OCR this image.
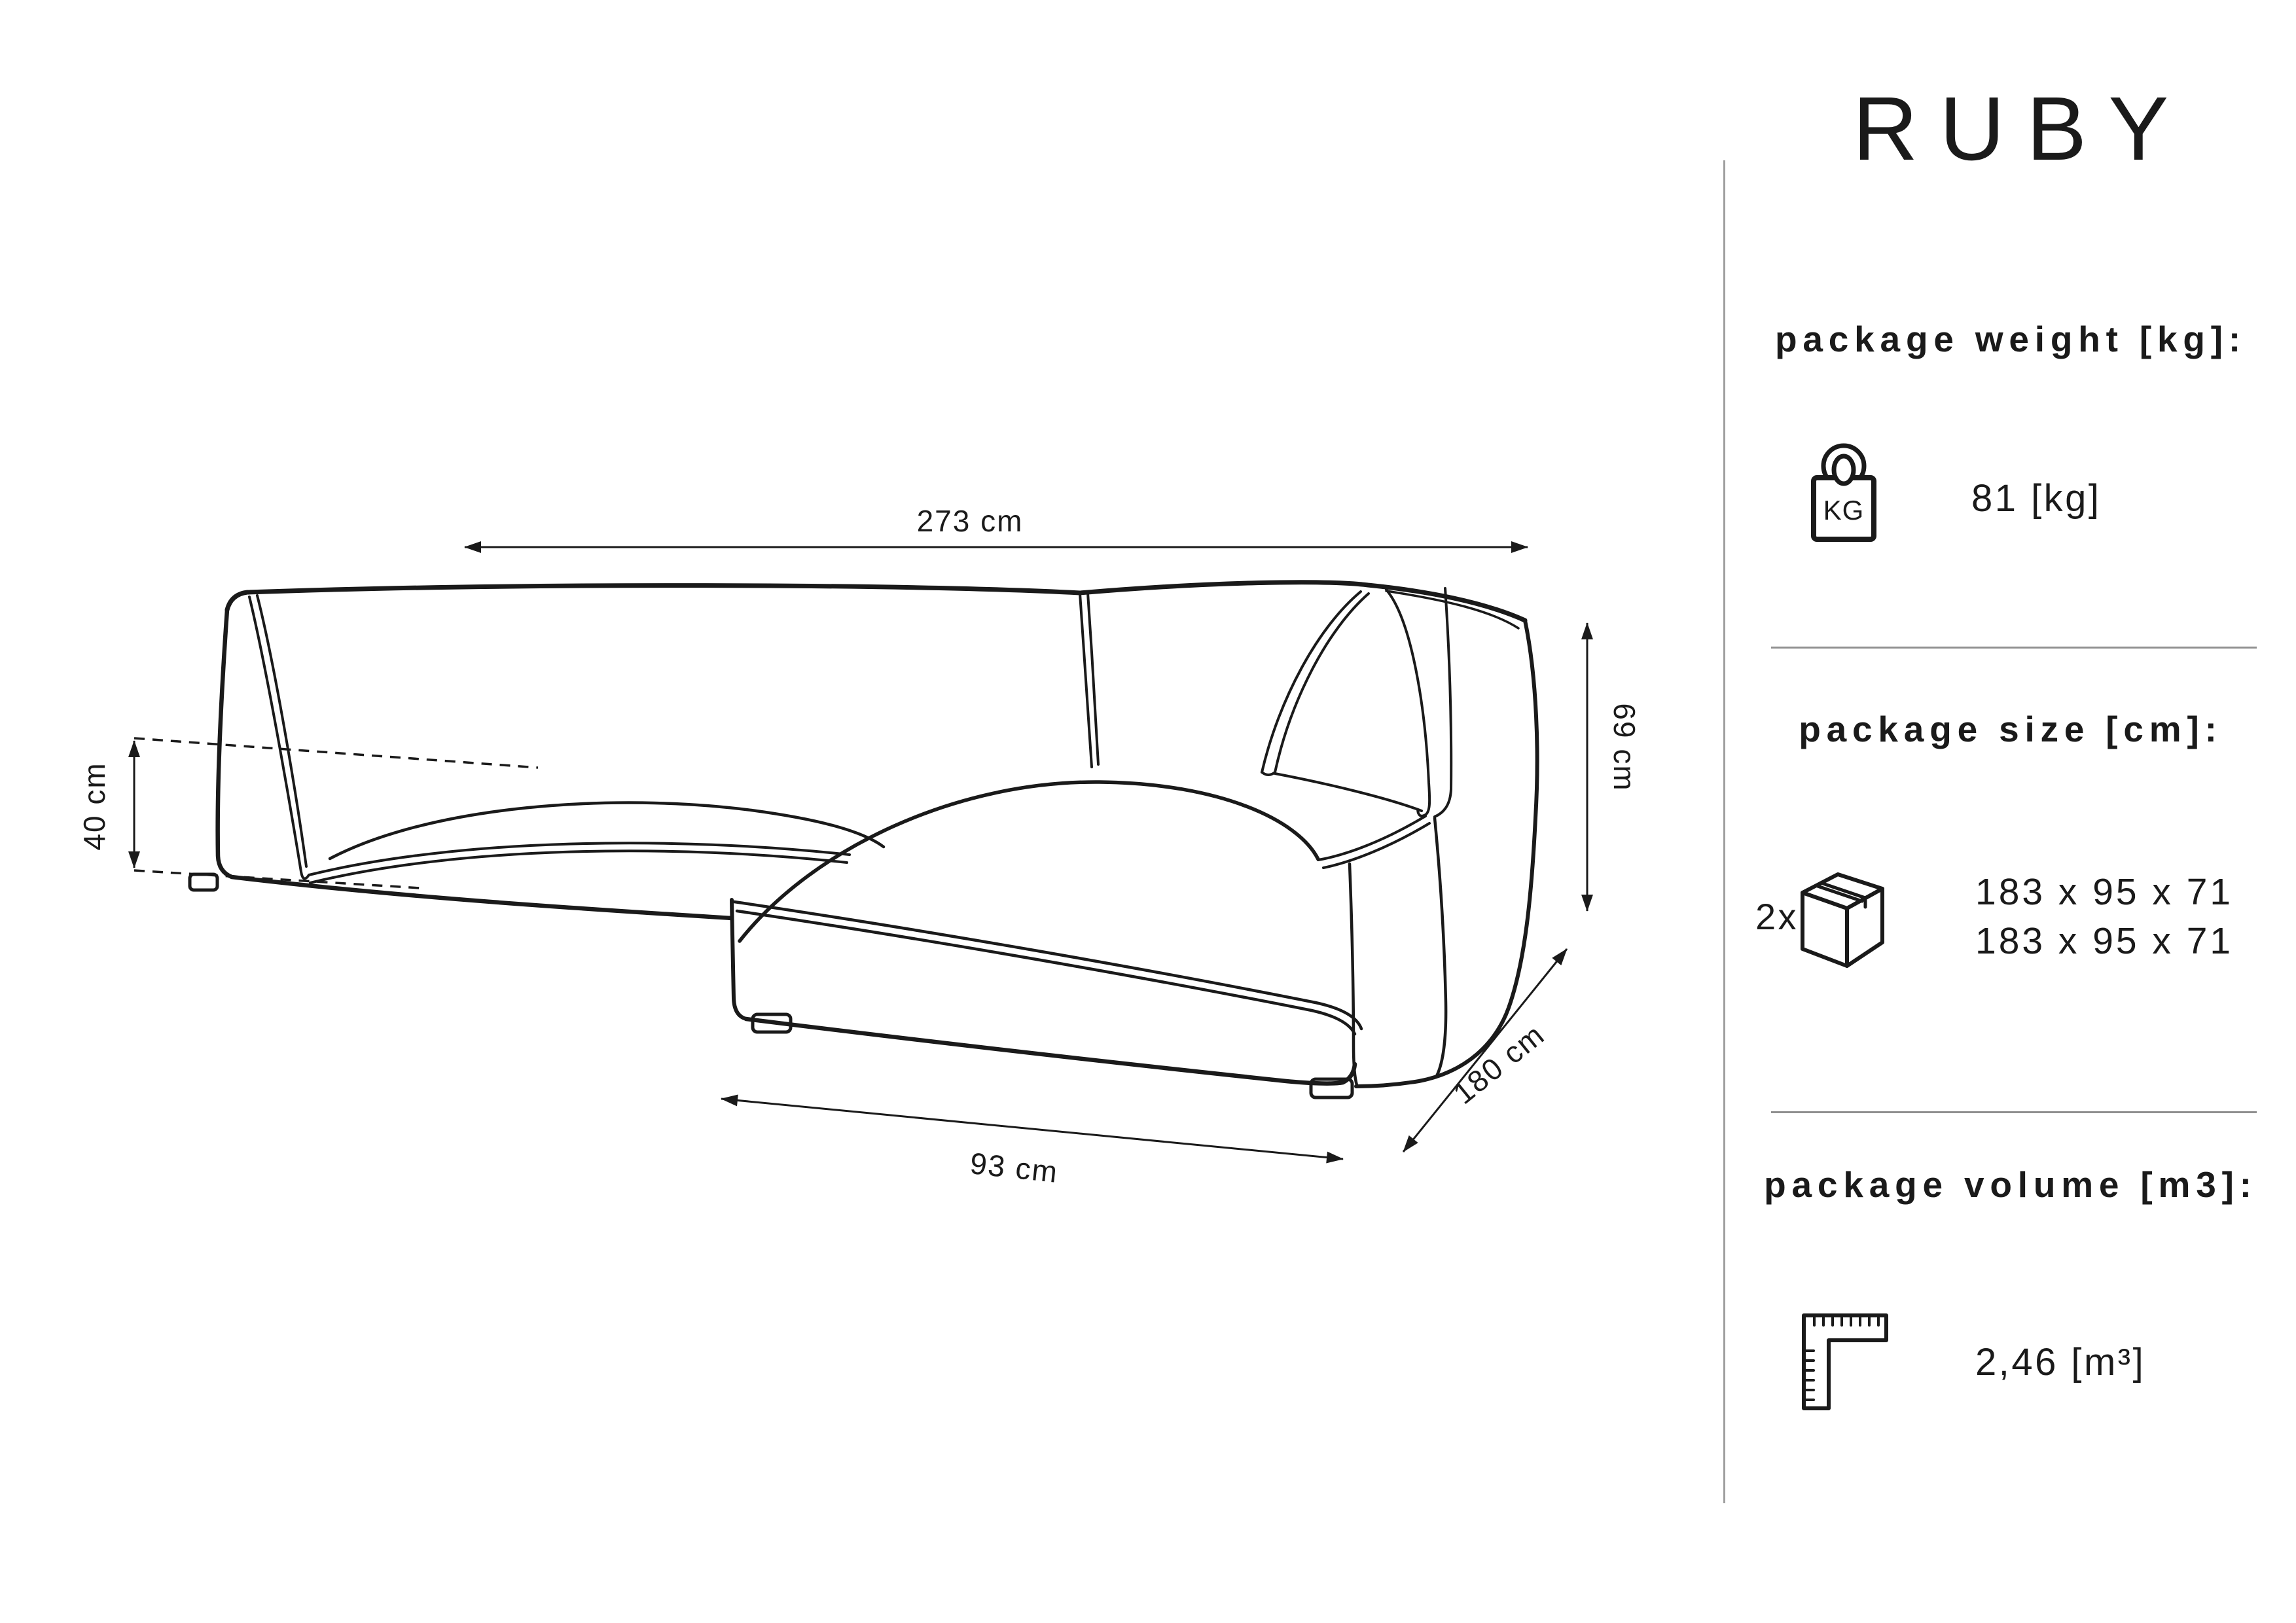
273 cm
40 cm
69 cm
93 cm
180 cm
RUBY
package weight [kg]:
KG	81 [kg]
package size [cm]:
2x
183 x 95 x 71
183 x 95 x 71
package volume [m3]:
2,46 [m³]
